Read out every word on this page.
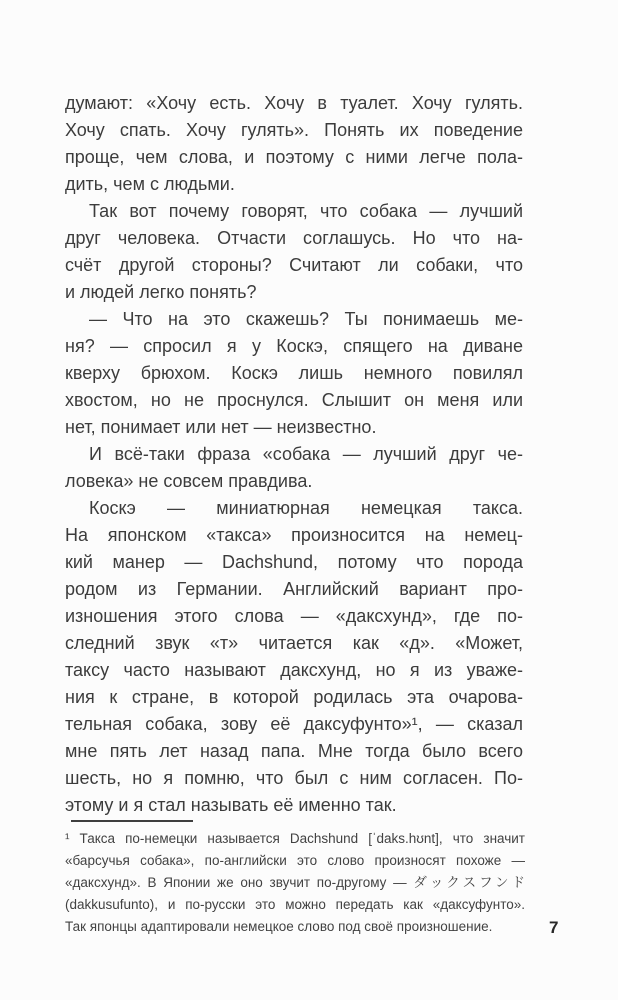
думают: «Хочу есть. Хочу в туалет. Хочу гулять.
Хочу спать. Хочу гулять». Понять их поведение
проще, чем слова, и поэтому с ними легче пола-
дить, чем с людьми.
Так вот почему говорят, что собака — лучший
друг человека. Отчасти соглашусь. Но что на-
счёт другой стороны? Считают ли собаки, что
и людей легко понять?
— Что на это скажешь? Ты понимаешь ме-
ня? — спросил я у Коскэ, спящего на диване
кверху брюхом. Коскэ лишь немного повилял
хвостом, но не проснулся. Слышит он меня или
нет, понимает или нет — неизвестно.
И всё-таки фраза «собака — лучший друг че-
ловека» не совсем правдива.
Коскэ — миниатюрная немецкая такса.
На японском «такса» произносится на немец-
кий манер — Dachshund, потому что порода
родом из Германии. Английский вариант про-
изношения этого слова — «даксхунд», где по-
следний звук «т» читается как «д». «Может,
таксу часто называют даксхунд, но я из уваже-
ния к стране, в которой родилась эта очарова-
тельная собака, зову её даксуфунто»¹, — сказал
мне пять лет назад папа. Мне тогда было всего
шесть, но я помню, что был с ним согласен. По-
этому и я стал называть её именно так.
¹ Такса по-немецки называется Dachshund [ˈdaks.hʊnt], что значит
«барсучья собака», по-английски это слово произносят похоже —
«даксхунд». В Японии же оно звучит по-другому — ダックスフンド
(dakkusufunto), и по-русски это можно передать как «даксуфунто».
Так японцы адаптировали немецкое слово под своё произношение.	7
